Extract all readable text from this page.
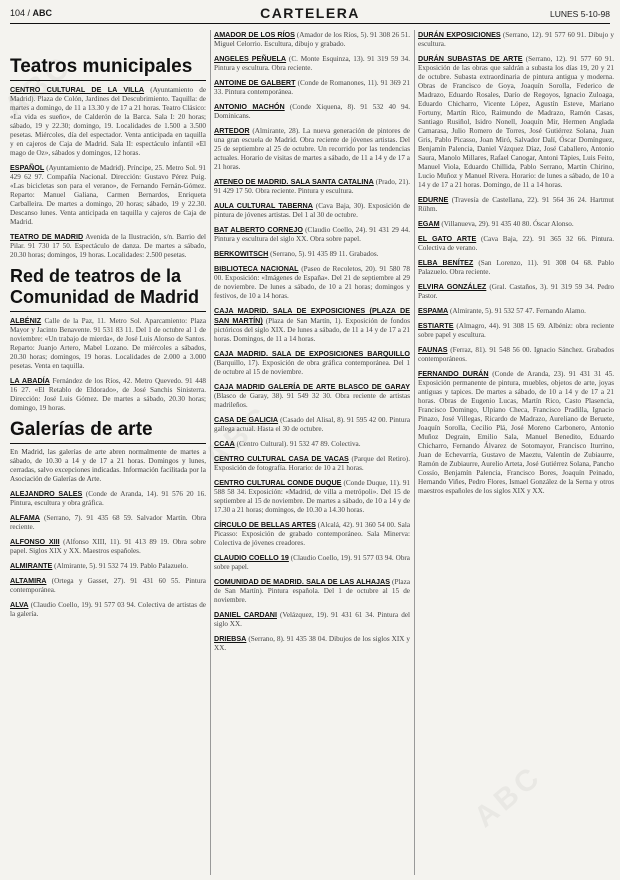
104 / ABC	CARTELERA	LUNES 5-10-98
Teatros municipales

CENTRO CULTURAL DE LA VILLA (Ayuntamiento de Madrid). Plaza de Colón, Jardines del Descubrimiento. Taquilla: de martes a domingo, de 11 a 13.30 y de 17 a 21 horas. Teatro Clásico: «La vida es sueño», de Calderón de la Barca. Sala I: 20 horas; sábado, 19 y 22.30; domingo, 19. Localidades de 1.500 a 3.500 pesetas. Miércoles, día del espectador. Venta anticipada en taquilla y en cajeros de Caja de Madrid. Sala II: espectáculo infantil «El mago de Oz», sábados y domingos, 12 horas.

ESPAÑOL (Ayuntamiento de Madrid). Príncipe, 25. Metro Sol. 91 429 62 97. Compañía Nacional. Dirección: Gustavo Pérez Puig. «Las bicicletas son para el verano», de Fernando Fernán-Gómez. Reparto: Manuel Galiana, Carmen Bernardos, Enriqueta Carballeira. De martes a domingo, 20 horas; sábado, 19 y 22.30. Descanso lunes. Venta anticipada en taquilla y cajeros de Caja de Madrid.

TEATRO DE MADRID Avenida de la Ilustración, s/n. Barrio del Pilar. 91 730 17 50. Espectáculo de danza. De martes a sábado, 20.30 horas; domingos, 19 horas. Localidades: 2.500 pesetas.

Red de teatros de la Comunidad de Madrid

ALBÉNIZ Calle de la Paz, 11. Metro Sol. Aparcamiento: Plaza Mayor y Jacinto Benavente. 91 531 83 11. Del 1 de octubre al 1 de noviembre: «Un trabajo de mierda», de José Luis Alonso de Santos. Reparto: Juanjo Artero, Mabel Lozano. De miércoles a sábados, 20.30 horas; domingos, 19 horas. Localidades de 2.000 a 3.000 pesetas. Venta en taquilla.

LA ABADÍA Fernández de los Ríos, 42. Metro Quevedo. 91 448 16 27. «El Retablo de Eldorado», de José Sanchis Sinisterra. Dirección: José Luis Gómez. De martes a sábado, 20.30 horas; domingo, 19 horas.

Galerías de arte

En Madrid, las galerías de arte abren normalmente de martes a sábado, de 10.30 a 14 y de 17 a 21 horas. Domingos y lunes, cerradas, salvo excepciones indicadas. Información facilitada por la Asociación de Galerías de Arte.

ALEJANDRO SALES (Conde de Aranda, 14). 91 576 20 16. Pintura, escultura y obra gráfica.

ALFAMA (Serrano, 7). 91 435 68 59. Salvador Martín. Obra reciente.

ALFONSO XIII (Alfonso XIII, 11). 91 413 89 19. Obra sobre papel. Siglos XIX y XX. Maestros españoles.

ALMIRANTE (Almirante, 5). 91 532 74 19. Pablo Palazuelo.

ALTAMIRA (Ortega y Gasset, 27). 91 431 60 55. Pintura contemporánea.

ALVA (Claudio Coello, 19). 91 577 03 94. Colectiva de artistas de la galería.

AMADOR DE LOS RÍOS (Amador de los Ríos, 5). 91 308 26 51. Miguel Celorrio. Escultura, dibujo y grabado.

ANGELES PEÑUELA (C. Monte Esquinza, 13). 91 319 59 34. Pintura y escultura. Obra reciente.

ANTOINE DE GALBERT (Conde de Romanones, 11). 91 369 21 33. Pintura contemporánea.

ANTONIO MACHÓN (Conde Xiquena, 8). 91 532 40 94. Dominicans.

ARTEDOR (Almirante, 28). La nueva generación de pintores de una gran escuela de Madrid. Obra reciente de jóvenes artistas. Del 25 de septiembre al 25 de octubre. Un recorrido por las tendencias actuales. Horario de visitas de martes a sábado, de 11 a 14 y de 17 a 21 horas.

ATENEO DE MADRID. SALA SANTA CATALINA (Prado, 21). 91 429 17 50. Obra reciente. Pintura y escultura.

AULA CULTURAL TABERNA (Cava Baja, 30). Exposición de pintura de jóvenes artistas. Del 1 al 30 de octubre.

BAT ALBERTO CORNEJO (Claudio Coello, 24). 91 431 29 44. Pintura y escultura del siglo XX. Obra sobre papel.

BERKOWITSCH (Serrano, 5). 91 435 89 11. Grabados.

BIBLIOTECA NACIONAL (Paseo de Recoletos, 20). 91 580 78 00. Exposición: «Imágenes de España». Del 21 de septiembre al 29 de noviembre. De lunes a sábado, de 10 a 21 horas; domingos y festivos, de 10 a 14 horas.

CAJA MADRID. SALA DE EXPOSICIONES (PLAZA DE SAN MARTÍN) (Plaza de San Martín, 1). Exposición de fondos pictóricos del siglo XIX. De lunes a sábado, de 11 a 14 y de 17 a 21 horas. Domingos, de 11 a 14 horas.

CAJA MADRID. SALA DE EXPOSICIONES BARQUILLO (Barquillo, 17). Exposición de obra gráfica contemporánea. Del 1 de octubre al 15 de noviembre.

CAJA MADRID GALERÍA DE ARTE BLASCO DE GARAY (Blasco de Garay, 38). 91 549 32 30. Obra reciente de artistas madrileños.

CASA DE GALICIA (Casado del Alisal, 8). 91 595 42 00. Pintura gallega actual. Hasta el 30 de octubre.

CCAA (Centro Cultural). 91 532 47 89. Colectiva.

CENTRO CULTURAL CASA DE VACAS (Parque del Retiro). Exposición de fotografía. Horario: de 10 a 21 horas.

CENTRO CULTURAL CONDE DUQUE (Conde Duque, 11). 91 588 58 34. Exposición: «Madrid, de villa a metrópoli». Del 15 de septiembre al 15 de noviembre. De martes a sábado, de 10 a 14 y de 17.30 a 21 horas; domingos, de 10.30 a 14.30 horas.

CÍRCULO DE BELLAS ARTES (Alcalá, 42). 91 360 54 00. Sala Picasso: Exposición de grabado contemporáneo. Sala Minerva: Colectiva de jóvenes creadores.

CLAUDIO COELLO 19 (Claudio Coello, 19). 91 577 03 94. Obra sobre papel.

COMUNIDAD DE MADRID. SALA DE LAS ALHAJAS (Plaza de San Martín). Pintura española. Del 1 de octubre al 15 de noviembre.

DANIEL CARDANI (Velázquez, 19). 91 431 61 34. Pintura del siglo XX.

DRIEBSA (Serrano, 8). 91 435 38 04. Dibujos de los siglos XIX y XX.

DURÁN EXPOSICIONES (Serrano, 12). 91 577 60 91. Dibujo y escultura.

DURÁN SUBASTAS DE ARTE (Serrano, 12). 91 577 60 91. Exposición de las obras que saldrán a subasta los días 19, 20 y 21 de octubre. Subasta extraordinaria de pintura antigua y moderna. Obras de Francisco de Goya, Joaquín Sorolla, Federico de Madrazo, Eduardo Rosales, Darío de Regoyos, Ignacio Zuloaga, Eduardo Chicharro, Vicente López, Agustín Esteve, Mariano Fortuny, Martín Rico, Raimundo de Madrazo, Ramón Casas, Santiago Rusiñol, Isidro Nonell, Joaquín Mir, Hermen Anglada Camarasa, Julio Romero de Torres, José Gutiérrez Solana, Juan Gris, Pablo Picasso, Joan Miró, Salvador Dalí, Óscar Domínguez, Benjamín Palencia, Daniel Vázquez Díaz, José Caballero, Antonio Saura, Manolo Millares, Rafael Canogar, Antoni Tàpies, Luis Feito, Manuel Viola, Eduardo Chillida, Pablo Serrano, Martín Chirino, Lucio Muñoz y Manuel Rivera. Horario: de lunes a sábado, de 10 a 14 y de 17 a 21 horas. Domingo, de 11 a 14 horas.

EDURNE (Travesía de Castellana, 22). 91 564 36 24. Hartmut Rühm.

EGAM (Villanueva, 29). 91 435 40 80. Óscar Alonso.

EL GATO ARTE (Cava Baja, 22). 91 365 32 66. Pintura. Colectiva de verano.

ELBA BENÍTEZ (San Lorenzo, 11). 91 308 04 68. Pablo Palazuelo. Obra reciente.

ELVIRA GONZÁLEZ (Gral. Castaños, 3). 91 319 59 34. Pedro Pastor.

ESPAMA (Almirante, 5). 91 532 57 47. Fernando Alamo.

ESTIARTE (Almagro, 44). 91 308 15 69. Albéniz: obra reciente sobre papel y escultura.

FAUNAS (Ferraz, 81). 91 548 56 00. Ignacio Sánchez. Grabados contemporáneos.

FERNANDO DURÁN (Conde de Aranda, 23). 91 431 31 45. Exposición permanente de pintura, muebles, objetos de arte, joyas antiguas y tapices. De martes a sábado, de 10 a 14 y de 17 a 21 horas. Obras de Eugenio Lucas, Martín Rico, Casto Plasencia, Francisco Domingo, Ulpiano Checa, Francisco Pradilla, Ignacio Pinazo, José Villegas, Ricardo de Madrazo, Aureliano de Beruete, Joaquín Sorolla, Cecilio Plá, José Moreno Carbonero, Antonio Muñoz Degrain, Emilio Sala, Manuel Benedito, Eduardo Chicharro, Fernando Álvarez de Sotomayor, Francisco Iturrino, Juan de Echevarría, Gustavo de Maeztu, Valentín de Zubiaurre, Ramón de Zubiaurre, Aurelio Arteta, José Gutiérrez Solana, Pancho Cossío, Benjamín Palencia, Francisco Bores, Joaquín Peinado, Hernando Viñes, Pedro Flores, Ismael González de la Serna y otros maestros españoles de los siglos XIX y XX.
